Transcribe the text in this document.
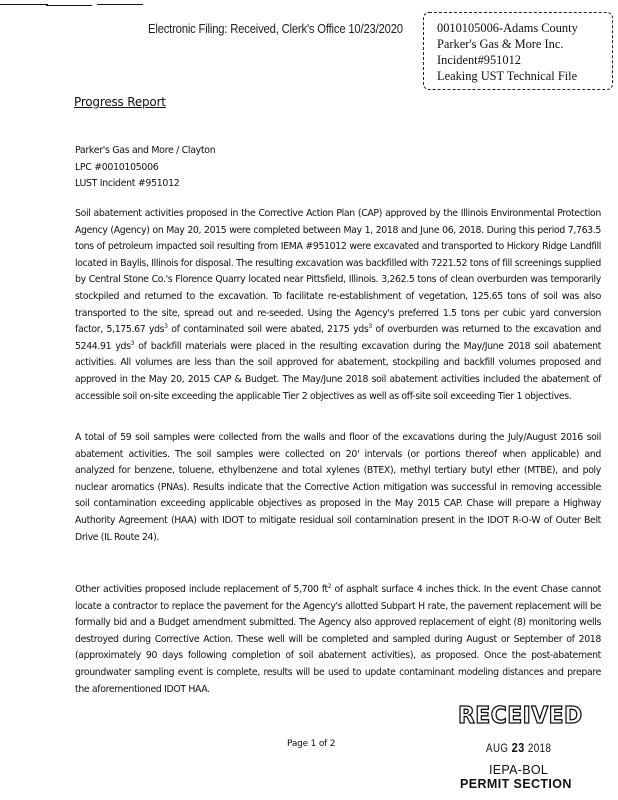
Electronic Filing: Received, Clerk's Office 10/23/2020	0010105006-Adams County
Parker's Gas & More Inc.
Incident#951012
Leaking UST Technical File
Progress Report
Parker's Gas and More / Clayton
LPC #0010105006
LUST Incident #951012
Soil abatement activities proposed in the Corrective Action Plan (CAP) approved by the Illinois Environmental Protection Agency (Agency) on May 20, 2015 were completed between May 1, 2018 and June 06, 2018. During this period 7,763.5 tons of petroleum impacted soil resulting from IEMA #951012 were excavated and transported to Hickory Ridge Landfill located in Baylis, Illinois for disposal. The resulting excavation was backfilled with 7221.52 tons of fill screenings supplied by Central Stone Co.'s Florence Quarry located near Pittsfield, Illinois. 3,262.5 tons of clean overburden was temporarily stockpiled and returned to the excavation. To facilitate re-establishment of vegetation, 125.65 tons of soil was also transported to the site, spread out and re-seeded. Using the Agency's preferred 1.5 tons per cubic yard conversion factor, 5,175.67 yds$^3$ of contaminated soil were abated, 2175 yds$^3$ of overburden was returned to the excavation and 5244.91 yds$^3$ of backfill materials were placed in the resulting excavation during the May/June 2018 soil abatement activities. All volumes are less than the soil approved for abatement, stockpiling and backfill volumes proposed and approved in the May 20, 2015 CAP & Budget. The May/June 2018 soil abatement activities included the abatement of accessible soil on-site exceeding the applicable Tier 2 objectives as well as off-site soil exceeding Tier 1 objectives.
A total of 59 soil samples were collected from the walls and floor of the excavations during the July/August 2016 soil abatement activities. The soil samples were collected on 20' intervals (or portions thereof when applicable) and analyzed for benzene, toluene, ethylbenzene and total xylenes (BTEX), methyl tertiary butyl ether (MTBE), and poly nuclear aromatics (PNAs). Results indicate that the Corrective Action mitigation was successful in removing accessible soil contamination exceeding applicable objectives as proposed in the May 2015 CAP. Chase will prepare a Highway Authority Agreement (HAA) with IDOT to mitigate residual soil contamination present in the IDOT R-O-W of Outer Belt Drive (IL Route 24).
Other activities proposed include replacement of 5,700 $ft^2$ of asphalt surface 4 inches thick. In the event Chase cannot locate a contractor to replace the pavement for the Agency's allotted Subpart H rate, the pavement replacement will be formally bid and a Budget amendment submitted. The Agency also approved replacement of eight (8) monitoring wells destroyed during Corrective Action. These well will be completed and sampled during August or September of 2018 (approximately 90 days following completion of soil abatement activities), as proposed. Once the post-abatement groundwater sampling event is complete, results will be used to update contaminant modeling distances and prepare the aforementioned IDOT HAA.
Page 1 of 2
RECEIVED
AUG 23 2018
IEPA-BOL
PERMIT SECTION
